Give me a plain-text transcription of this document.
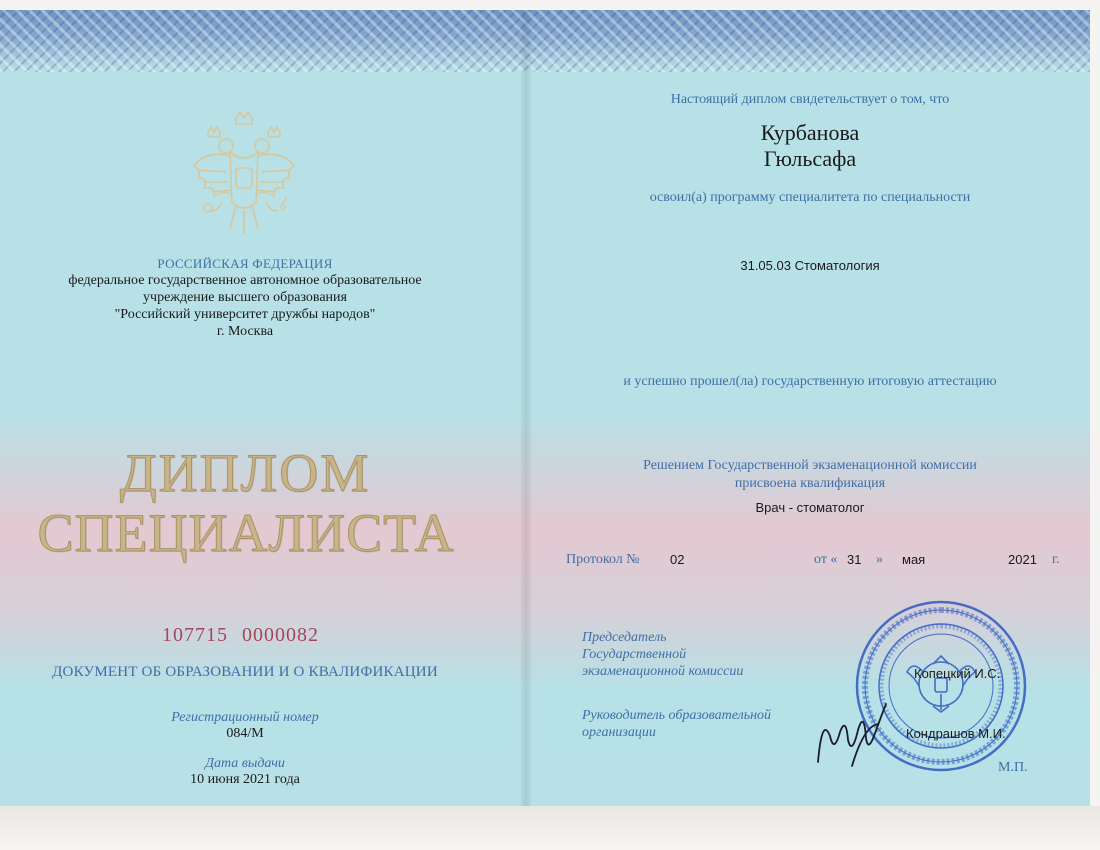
РОССИЙСКАЯ ФЕДЕРАЦИЯ
федеральное государственное автономное образовательное
учреждение высшего образования
"Российский университет дружбы народов"
г. Москва
ДИПЛОМ
СПЕЦИАЛИСТА
107715 0000082
ДОКУМЕНТ ОБ ОБРАЗОВАНИИ И О КВАЛИФИКАЦИИ
Регистрационный номер
084/М
Дата выдачи
10 июня 2021 года
Настоящий диплом свидетельствует о том, что
Курбанова
Гюльсафа
освоил(а) программу специалитета по специальности
31.05.03 Стоматология
и успешно прошел(ла) государственную итоговую аттестацию
Решением Государственной экзаменационной комиссии
присвоена квалификация
Врач - стоматолог
Протокол № 02	от « 31 » мая	2021 г.
Председатель
Государственной
экзаменационной комиссии
Руководитель образовательной
организации
Копецкий И.С.
Кондрашов М.И.
М.П.
